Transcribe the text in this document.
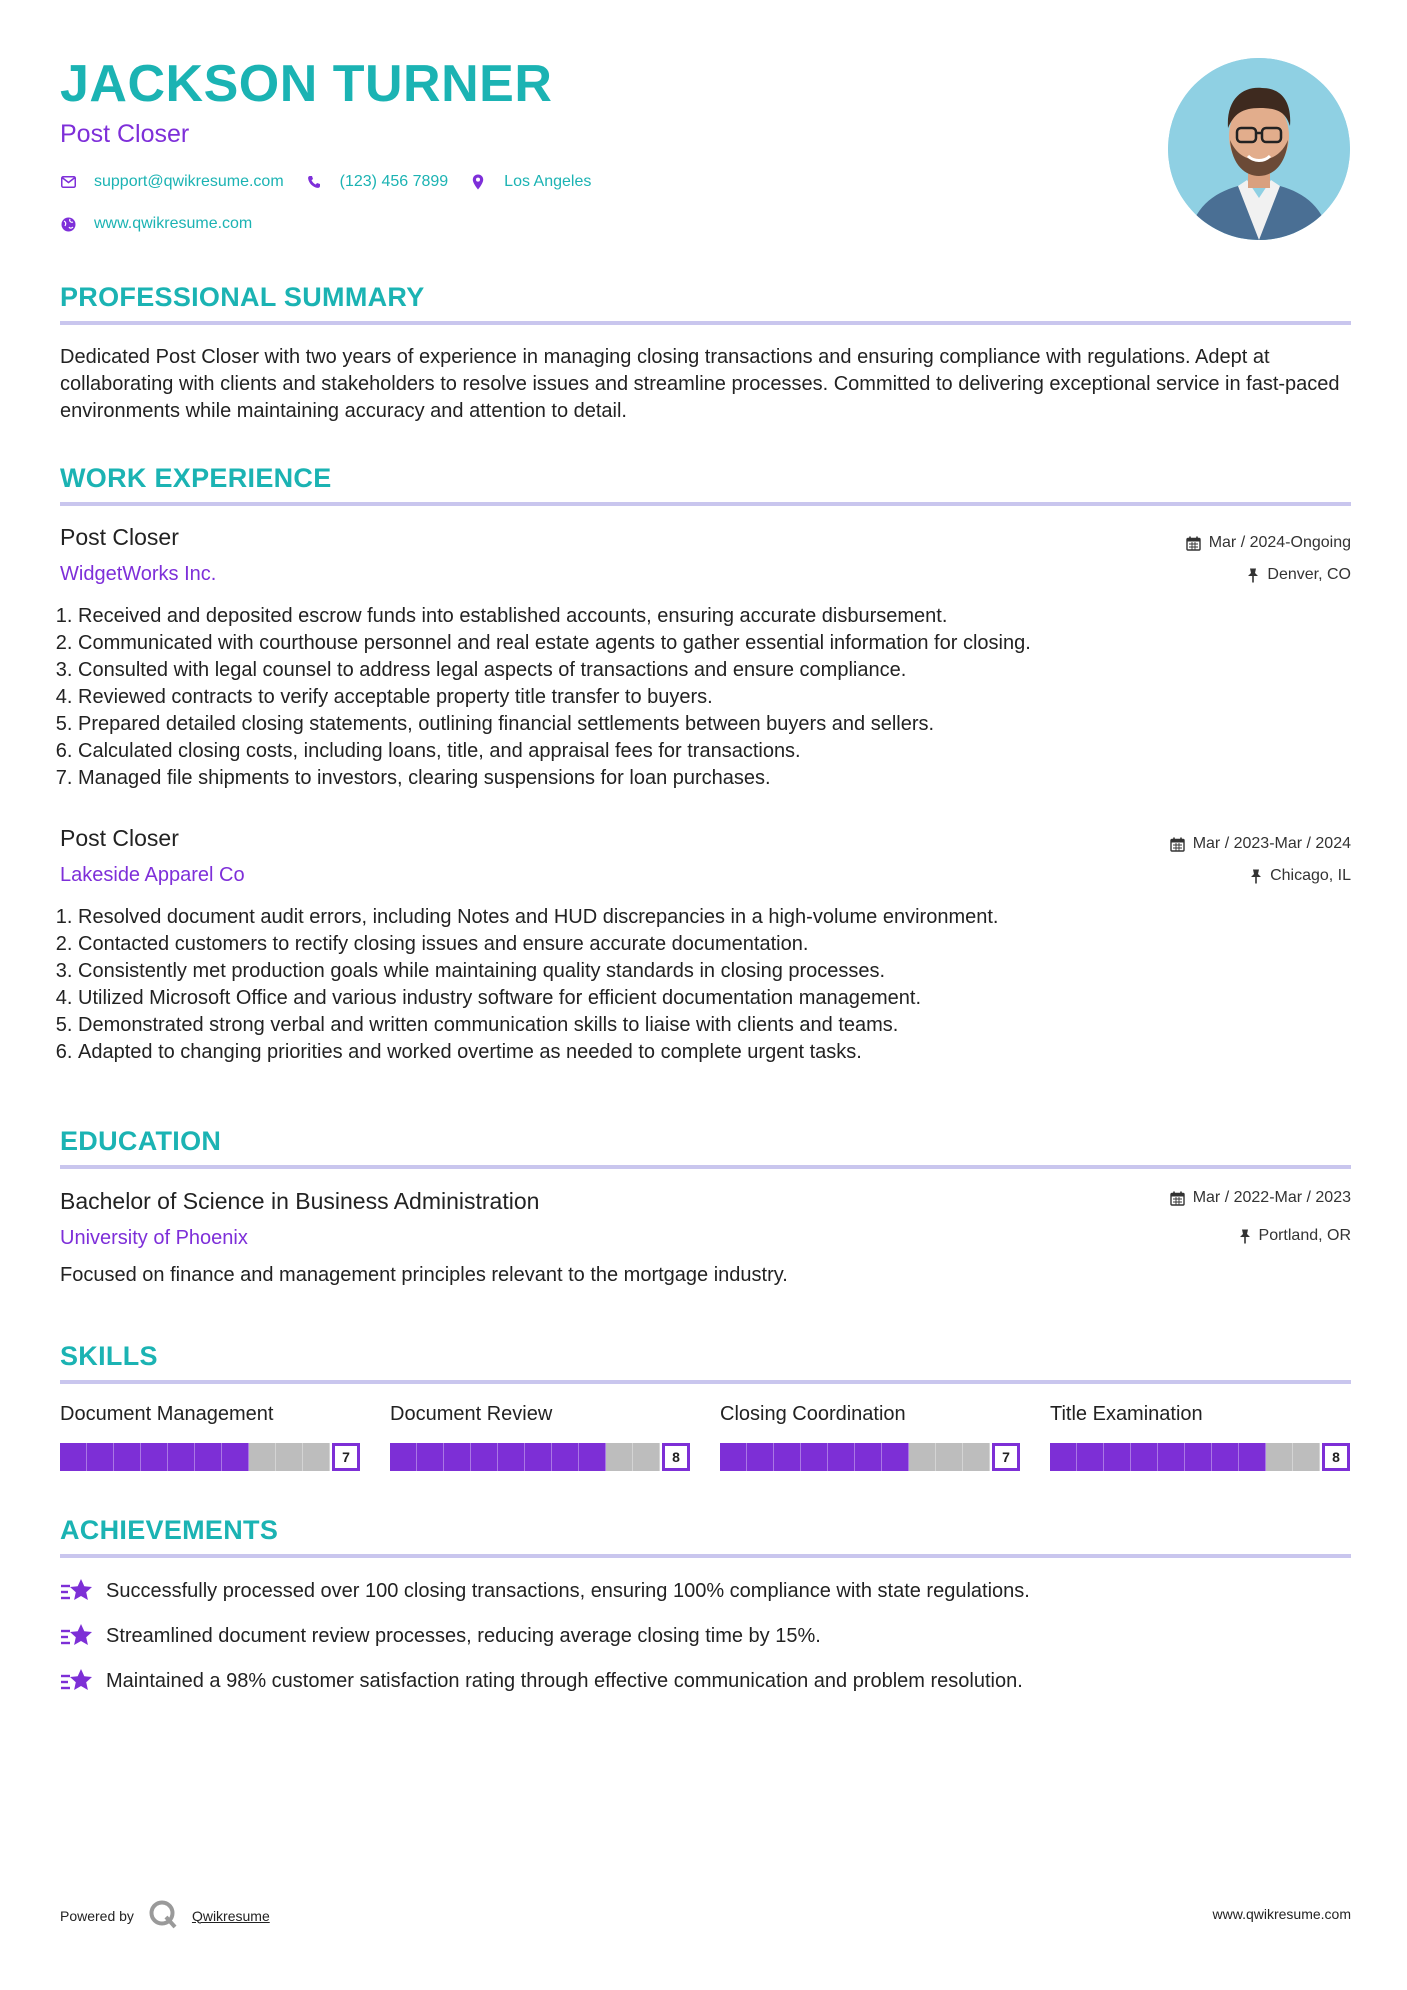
JACKSON TURNER
Post Closer
support@qwikresume.com	(123) 456 7899	Los Angeles
www.qwikresume.com
PROFESSIONAL SUMMARY
Dedicated Post Closer with two years of experience in managing closing transactions and ensuring compliance with regulations. Adept at collaborating with clients and stakeholders to resolve issues and streamline processes. Committed to delivering exceptional service in fast-paced environments while maintaining accuracy and attention to detail.
WORK EXPERIENCE
Post Closer
WidgetWorks Inc.
Mar / 2024-Ongoing
Denver, CO
1. Received and deposited escrow funds into established accounts, ensuring accurate disbursement.
2. Communicated with courthouse personnel and real estate agents to gather essential information for closing.
3. Consulted with legal counsel to address legal aspects of transactions and ensure compliance.
4. Reviewed contracts to verify acceptable property title transfer to buyers.
5. Prepared detailed closing statements, outlining financial settlements between buyers and sellers.
6. Calculated closing costs, including loans, title, and appraisal fees for transactions.
7. Managed file shipments to investors, clearing suspensions for loan purchases.
Post Closer
Lakeside Apparel Co
Mar / 2023-Mar / 2024
Chicago, IL
1. Resolved document audit errors, including Notes and HUD discrepancies in a high-volume environment.
2. Contacted customers to rectify closing issues and ensure accurate documentation.
3. Consistently met production goals while maintaining quality standards in closing processes.
4. Utilized Microsoft Office and various industry software for efficient documentation management.
5. Demonstrated strong verbal and written communication skills to liaise with clients and teams.
6. Adapted to changing priorities and worked overtime as needed to complete urgent tasks.
EDUCATION
Bachelor of Science in Business Administration
University of Phoenix
Mar / 2022-Mar / 2023
Portland, OR
Focused on finance and management principles relevant to the mortgage industry.
SKILLS
Document Management
7
Document Review
8
Closing Coordination
7
Title Examination
8
ACHIEVEMENTS
Successfully processed over 100 closing transactions, ensuring 100% compliance with state regulations.
Streamlined document review processes, reducing average closing time by 15%.
Maintained a 98% customer satisfaction rating through effective communication and problem resolution.
Powered by	Qwikresume	www.qwikresume.com
